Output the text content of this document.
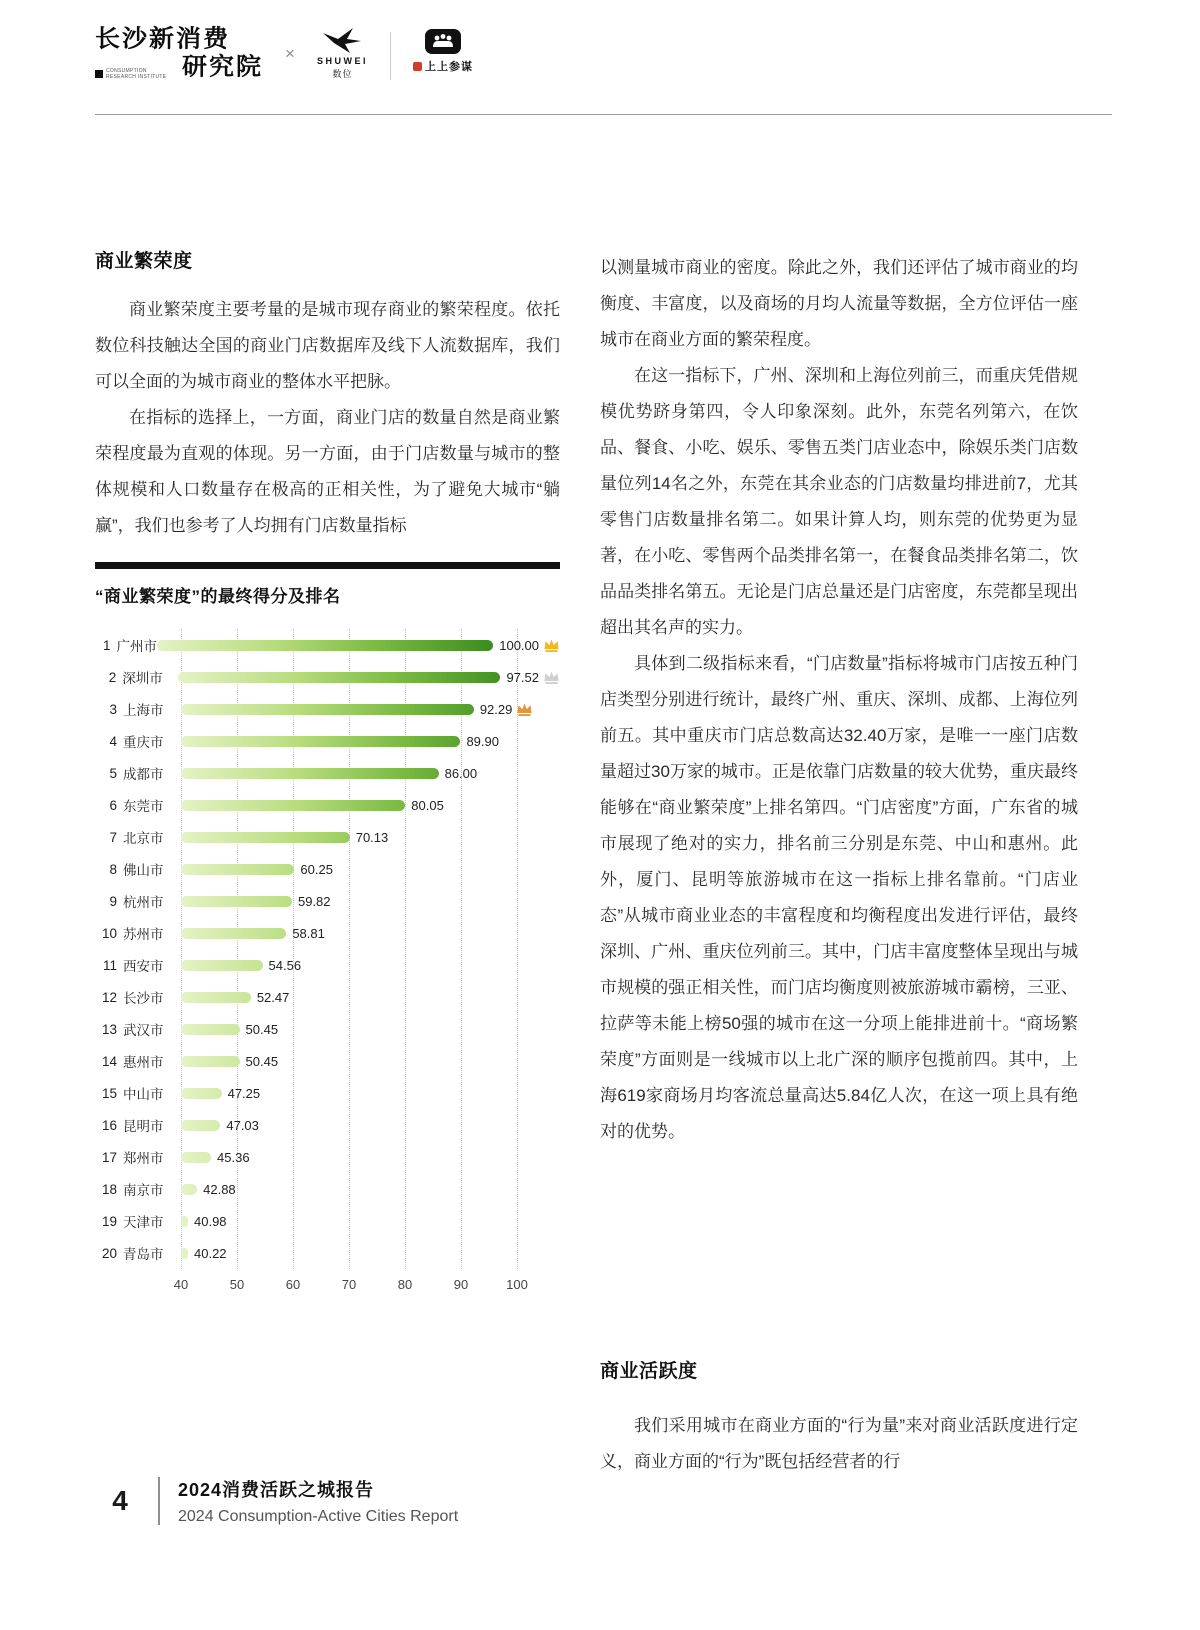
长沙新消费
CONSUMPTION RESEARCH INSTITUTE 研究院
× SHUWEI
数位
上上参谋
商业繁荣度

商业繁荣度主要考量的是城市现存商业的繁荣程度。依托数位科技触达全国的商业门店数据库及线下人流数据库，我们可以全面的为城市商业的整体水平把脉。

在指标的选择上，一方面，商业门店的数量自然是商业繁荣程度最为直观的体现。另一方面，由于门店数量与城市的整体规模和人口数量存在极高的正相关性，为了避免大城市“躺赢”，我们也参考了人均拥有门店数量指标

“商业繁荣度”的最终得分及排名
1 广州市	100.00
2 深圳市	97.52
3 上海市	92.29
4 重庆市	89.90
5 成都市	86.00
6 东莞市	80.05
7 北京市	70.13
8 佛山市	60.25
9 杭州市	59.82
10 苏州市	58.81
11 西安市	54.56
12 长沙市	52.47
13 武汉市	50.45
14 惠州市	50.45
15 中山市	47.25
16 昆明市	47.03
17 郑州市	45.36
18 南京市	42.88
19 天津市	40.98
20 青岛市	40.22
40	50	60	70	80	90	100

以测量城市商业的密度。除此之外，我们还评估了城市商业的均衡度、丰富度，以及商场的月均人流量等数据，全方位评估一座城市在商业方面的繁荣程度。

在这一指标下，广州、深圳和上海位列前三，而重庆凭借规模优势跻身第四，令人印象深刻。此外，东莞名列第六，在饮品、餐食、小吃、娱乐、零售五类门店业态中，除娱乐类门店数量位列14名之外，东莞在其余业态的门店数量均排进前7，尤其零售门店数量排名第二。如果计算人均，则东莞的优势更为显著，在小吃、零售两个品类排名第一，在餐食品类排名第二，饮品品类排名第五。无论是门店总量还是门店密度，东莞都呈现出超出其名声的实力。

具体到二级指标来看，“门店数量”指标将城市门店按五种门店类型分别进行统计，最终广州、重庆、深圳、成都、上海位列前五。其中重庆市门店总数高达32.40万家，是唯一一座门店数量超过30万家的城市。正是依靠门店数量的较大优势，重庆最终能够在“商业繁荣度”上排名第四。“门店密度”方面，广东省的城市展现了绝对的实力，排名前三分别是东莞、中山和惠州。此外，厦门、昆明等旅游城市在这一指标上排名靠前。“门店业态”从城市商业业态的丰富程度和均衡程度出发进行评估，最终深圳、广州、重庆位列前三。其中，门店丰富度整体呈现出与城市规模的强正相关性，而门店均衡度则被旅游城市霸榜，三亚、拉萨等未能上榜50强的城市在这一分项上能排进前十。“商场繁荣度”方面则是一线城市以上北广深的顺序包揽前四。其中，上海619家商场月均客流总量高达5.84亿人次，在这一项上具有绝对的优势。

商业活跃度

我们采用城市在商业方面的“行为量”来对商业活跃度进行定义，商业方面的“行为”既包括经营者的行

4	2024消费活跃之城报告
2024 Consumption-Active Cities Report
